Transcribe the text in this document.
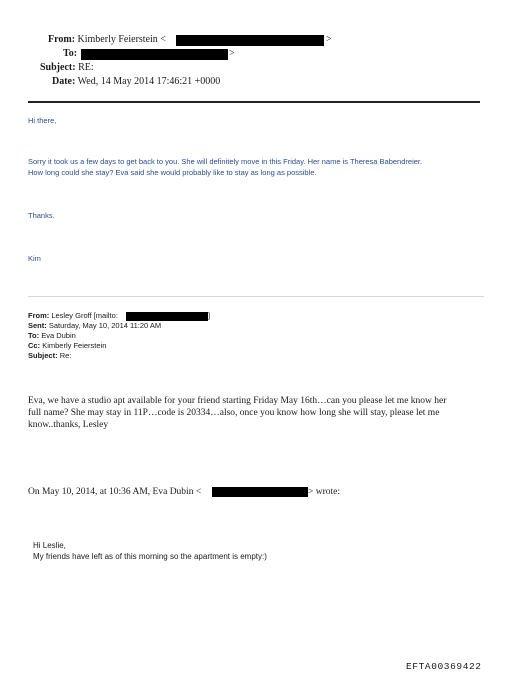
From: Kimberly Feierstein <	>
To:	>
Subject: RE:
Date: Wed, 14 May 2014 17:46:21 +0000
Hi there,
Sorry it took us a few days to get back to you. She will definitely move in this Friday. Her name is Theresa Babendreier.
How long could she stay? Eva said she would probably like to stay as long as possible.
Thanks.
Kim
From: Lesley Groff [mailto:	]
Sent: Saturday, May 10, 2014 11:20 AM
To: Eva Dubin
Cc: Kimberly Feierstein
Subject: Re:
Eva, we have a studio apt available for your friend starting Friday May 16th…can you please let me know her
full name? She may stay in 11P…code is 20334…also, once you know how long she will stay, please let me
know..thanks, Lesley
On May 10, 2014, at 10:36 AM, Eva Dubin <	> wrote:
Hi Leslie,
My friends have left as of this morning so the apartment is empty:)
EFTA00369422
